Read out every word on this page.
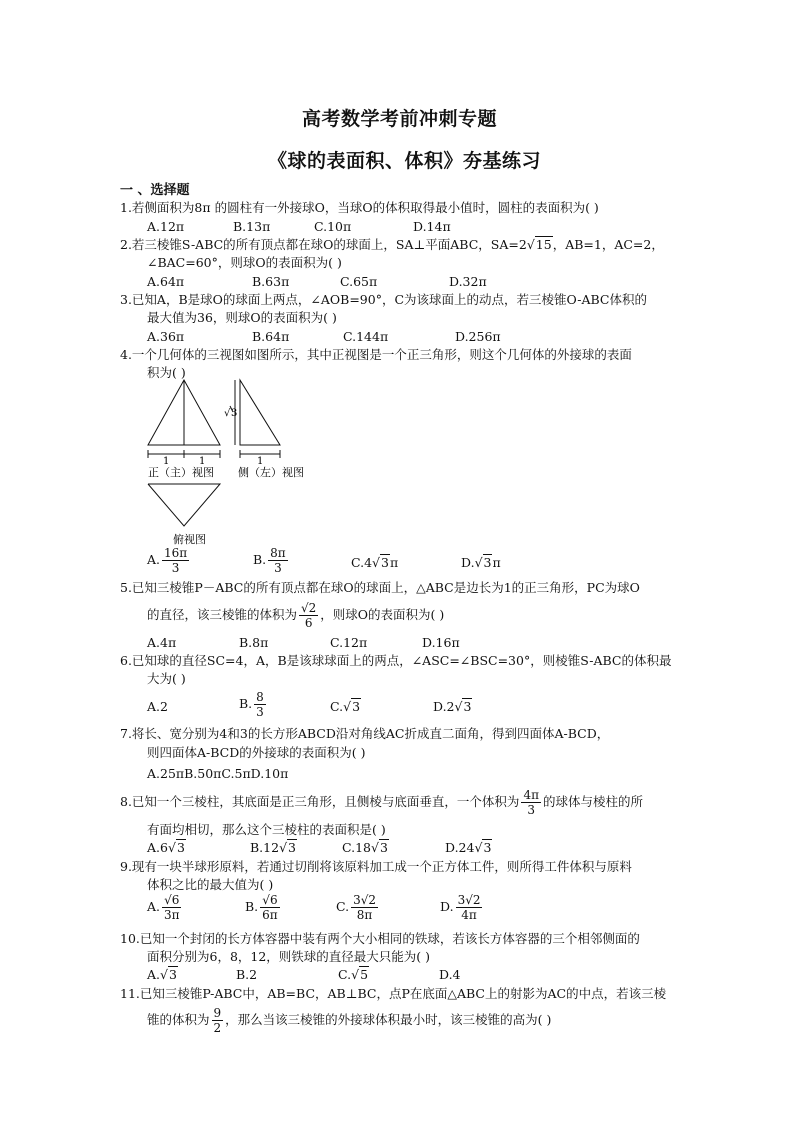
高考数学考前冲刺专题
《球的表面积、体积》夯基练习
一 、选择题
1.若侧面积为8π 的圆柱有一外接球O，当球O的体积取得最小值时，圆柱的表面积为( )
A.12π	B.13π	C.10π	D.14π
2.若三棱锥S-ABC的所有顶点都在球O的球面上，SA⊥平面ABC，SA=2√15，AB=1，AC=2，
∠BAC=60°，则球O的表面积为( )
A.64π	B.63π	C.65π	D.32π
3.已知A，B是球O的球面上两点，∠AOB=90°，C为该球面上的动点，若三棱锥O-ABC体积的
最大值为36，则球O的表面积为( )
A.36π	B.64π	C.144π	D.256π
4.一个几何体的三视图如图所示，其中正视图是一个正三角形，则这个几何体的外接球的表面
积为( )
1	1
正（主）视图
√ 3
1
侧（左）视图
俯视图
A. $\frac{16\pi}{3}$	B. $\frac{8\pi}{3}$	C.4√3π	D.√3π
5.已知三棱锥P－ABC的所有顶点都在球O的球面上，△ABC是边长为1的正三角形，PC为球O
的直径，该三棱锥的体积为 $\frac{√2}{6}$ ，则球O的表面积为( )
A.4π	B.8π	C.12π	D.16π
6.已知球的直径SC=4，A，B是该球球面上的两点，∠ASC=∠BSC=30°，则棱锥S-ABC的体积最
大为( )
A.2	B. $\frac{8}{3}$	C.√3	D.2√3
7.将长、宽分别为4和3的长方形ABCD沿对角线AC折成直二面角，得到四面体A-BCD，
则四面体A-BCD的外接球的表面积为( )
A.25πB.50πC.5πD.10π
8.已知一个三棱柱，其底面是正三角形，且侧棱与底面垂直，一个体积为 $\frac{4\pi}{3}$ 的球体与棱柱的所
有面均相切，那么这个三棱柱的表面积是( )
A.6√3	B.12√3	C.18√3	D.24√3
9.现有一块半球形原料，若通过切削将该原料加工成一个正方体工件，则所得工件体积与原料
体积之比的最大值为( )
A. $\frac{√6}{3\pi}$	B. $\frac{√6}{6\pi}$	C. $\frac{3√2}{8\pi}$	D. $\frac{3√2}{4\pi}$
10.已知一个封闭的长方体容器中装有两个大小相同的铁球，若该长方体容器的三个相邻侧面的
面积分别为6，8，12，则铁球的直径最大只能为( )
A.√3	B.2	C.√5	D.4
11.已知三棱锥P-ABC中，AB=BC，AB⊥BC，点P在底面△ABC上的射影为AC的中点，若该三棱
锥的体积为 $\frac{9}{2}$ ，那么当该三棱锥的外接球体积最小时，该三棱锥的高为( )
